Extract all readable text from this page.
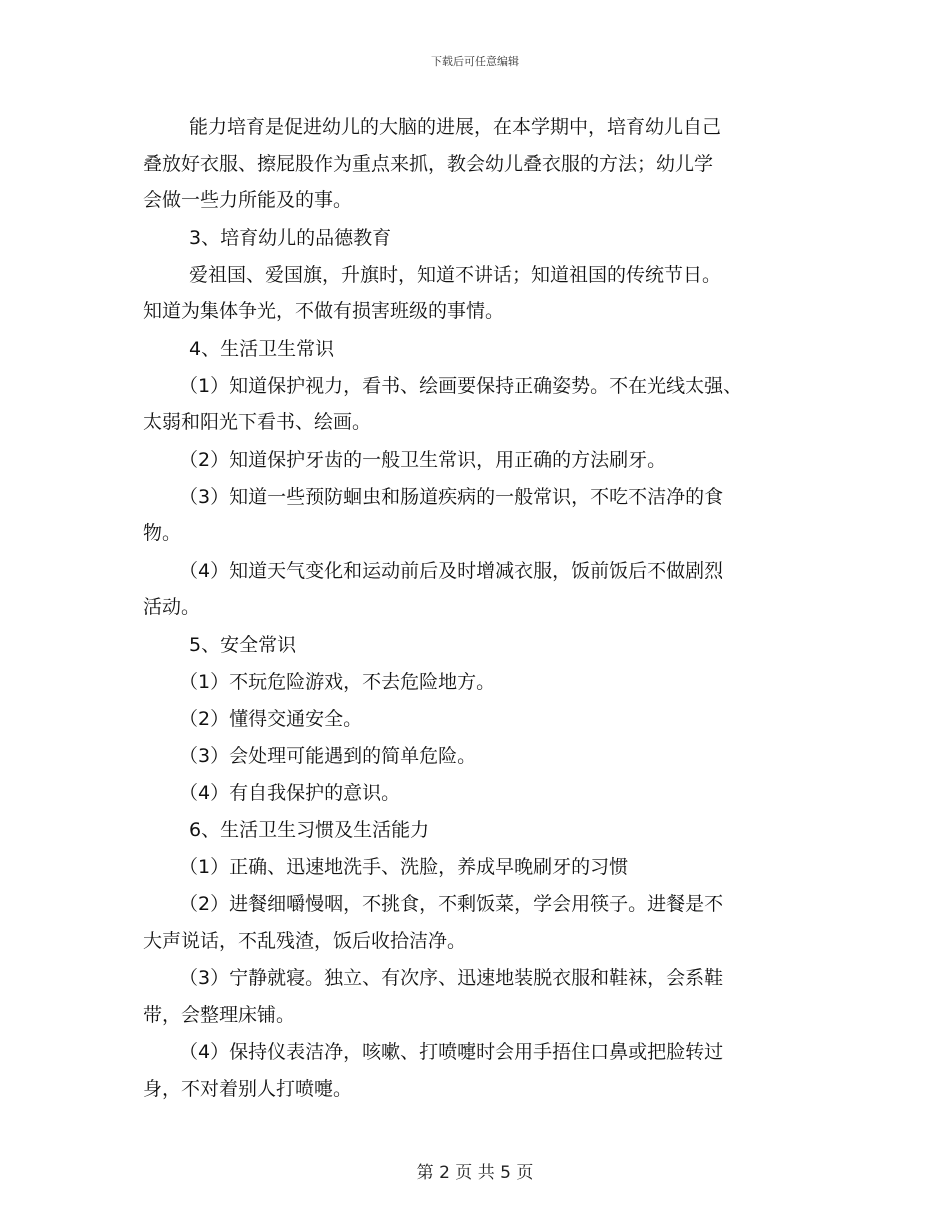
下载后可任意编辑
能力培育是促进幼儿的大脑的进展，在本学期中，培育幼儿自己
叠放好衣服、擦屁股作为重点来抓，教会幼儿叠衣服的方法；幼儿学
会做一些力所能及的事。
3、培育幼儿的品德教育
爱祖国、爱国旗，升旗时，知道不讲话；知道祖国的传统节日。
知道为集体争光，不做有损害班级的事情。
4、生活卫生常识
（1）知道保护视力，看书、绘画要保持正确姿势。不在光线太强、
太弱和阳光下看书、绘画。
（2）知道保护牙齿的一般卫生常识，用正确的方法刷牙。
（3）知道一些预防蛔虫和肠道疾病的一般常识，不吃不洁净的食
物。
（4）知道天气变化和运动前后及时增减衣服，饭前饭后不做剧烈
活动。
5、安全常识
（1）不玩危险游戏，不去危险地方。
（2）懂得交通安全。
（3）会处理可能遇到的简单危险。
（4）有自我保护的意识。
6、生活卫生习惯及生活能力
（1）正确、迅速地洗手、洗脸，养成早晚刷牙的习惯
（2）进餐细嚼慢咽，不挑食，不剩饭菜，学会用筷子。进餐是不
大声说话，不乱残渣，饭后收拾洁净。
（3）宁静就寝。独立、有次序、迅速地装脱衣服和鞋袜，会系鞋
带，会整理床铺。
（4）保持仪表洁净，咳嗽、打喷嚏时会用手捂住口鼻或把脸转过
身，不对着别人打喷嚏。
第 2 页 共 5 页
